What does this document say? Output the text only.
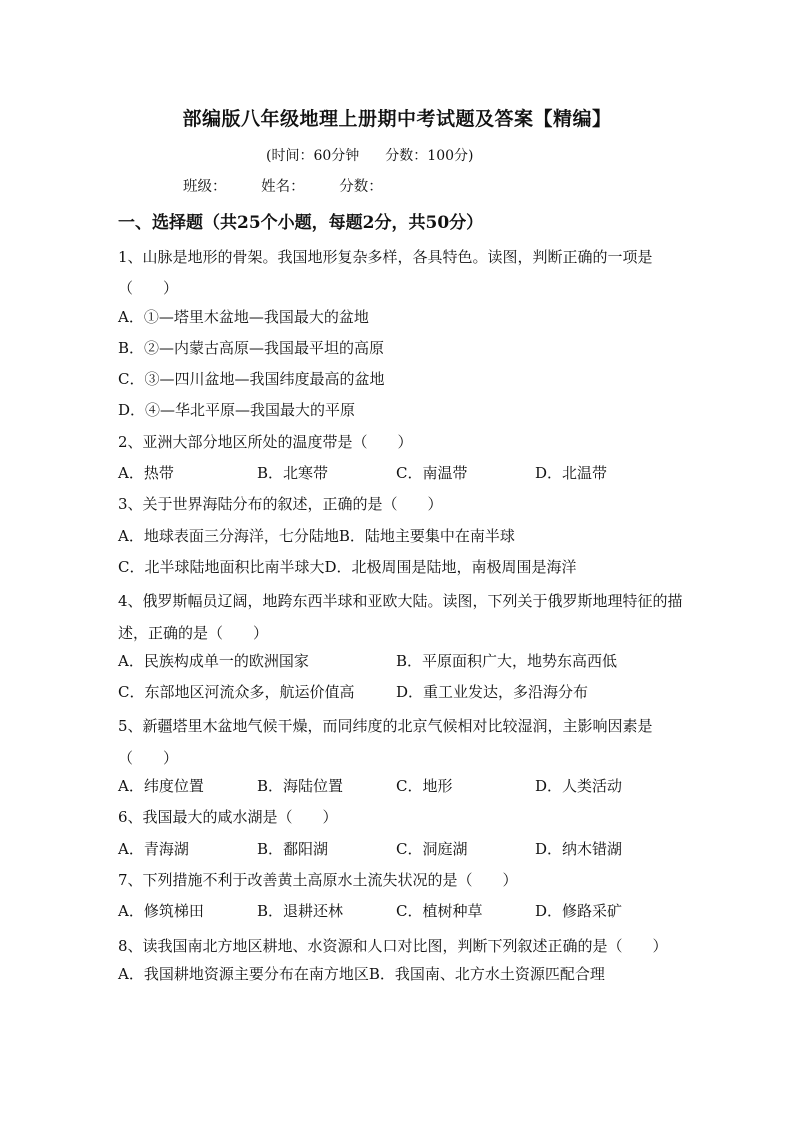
部编版八年级地理上册期中考试题及答案【精编】
(时间：60分钟 分数：100分)
班级： 姓名： 分数：
一、选择题（共25个小题，每题2分，共50分）
1、山脉是地形的骨架。我国地形复杂多样，各具特色。读图，判断正确的一项是（　　）
A．①—塔里木盆地—我国最大的盆地
B．②—内蒙古高原—我国最平坦的高原
C．③—四川盆地—我国纬度最高的盆地
D．④—华北平原—我国最大的平原
2、亚洲大部分地区所处的温度带是（　　）
A．热带	B．北寒带	C．南温带	D．北温带
3、关于世界海陆分布的叙述，正确的是（　　）
A．地球表面三分海洋，七分陆地B．陆地主要集中在南半球
C．北半球陆地面积比南半球大D．北极周围是陆地，南极周围是海洋
4、俄罗斯幅员辽阔，地跨东西半球和亚欧大陆。读图，下列关于俄罗斯地理特征的描述，正确的是（　　）
A．民族构成单一的欧洲国家	B．平原面积广大，地势东高西低
C．东部地区河流众多，航运价值高	D．重工业发达，多沿海分布
5、新疆塔里木盆地气候干燥，而同纬度的北京气候相对比较湿润，主影响因素是（　　）
A．纬度位置	B．海陆位置	C．地形	D．人类活动
6、我国最大的咸水湖是（　　）
A．青海湖	B．鄱阳湖	C．洞庭湖	D．纳木错湖
7、下列措施不利于改善黄土高原水土流失状况的是（　　）
A．修筑梯田	B．退耕还林	C．植树种草	D．修路采矿
8、读我国南北方地区耕地、水资源和人口对比图，判断下列叙述正确的是（　　）
A．我国耕地资源主要分布在南方地区B．我国南、北方水土资源匹配合理
